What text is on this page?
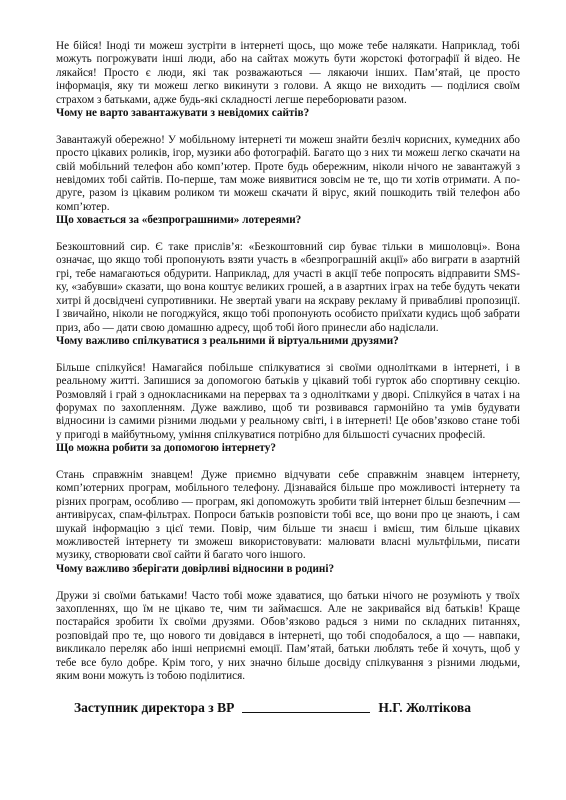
Не бійся! Іноді ти можеш зустріти в інтернеті щось, що може тебе налякати. Наприклад, тобі можуть погрожувати інші люди, або на сайтах можуть бути жорстокі фотографії й відео. Не лякайся! Просто є люди, які так розважаються — лякаючи інших. Пам’ятай, це просто інформація, яку ти можеш легко викинути з голови. А якщо не виходить — поділися своїм страхом з батьками, адже будь-які складності легше переборювати разом.

Чому не варто завантажувати з невідомих сайтів?

Завантажуй обережно! У мобільному інтернеті ти можеш знайти безліч корисних, кумедних або просто цікавих роликів, ігор, музики або фотографій. Багато що з них ти можеш легко скачати на свій мобільний телефон або комп’ютер. Проте будь обережним, ніколи нічого не завантажуй з невідомих тобі сайтів. По-перше, там може виявитися зовсім не те, що ти хотів отримати. А по-друге, разом із цікавим роликом ти можеш скачати й вірус, який пошкодить твій телефон або комп’ютер.

Що ховається за «безпрограшними» лотереями?

Безкоштовний сир. Є таке прислів’я: «Безкоштовний сир буває тільки в мишоловці». Вона означає, що якщо тобі пропонують взяти участь в «безпрограшній акції» або виграти в азартній грі, тебе намагаються обдурити. Наприклад, для участі в акції тебе попросять відправити SMS-ку, «забувши» сказати, що вона коштує великих грошей, а в азартних іграх на тебе будуть чекати хитрі й досвідчені супротивники. Не звертай уваги на яскраву рекламу й привабливі пропозиції. І звичайно, ніколи не погоджуйся, якщо тобі пропонують особисто приїхати кудись щоб забрати приз, або — дати свою домашню адресу, щоб тобі його принесли або надіслали.

Чому важливо спілкуватися з реальними й віртуальними друзями?

Більше спілкуйся! Намагайся побільше спілкуватися зі своїми однолітками в інтернеті, і в реальному житті. Запишися за допомогою батьків у цікавий тобі гурток або спортивну секцію. Розмовляй і грай з однокласниками на перервах та з однолітками у дворі. Спілкуйся в чатах і на форумах по захопленням. Дуже важливо, щоб ти розвивався гармонійно та умів будувати відносини із самими різними людьми у реальному світі, і в інтернеті! Це обов’язково стане тобі у пригоді в майбутньому, уміння спілкуватися потрібно для більшості сучасних професій.

Що можна робити за допомогою інтернету?

Стань справжнім знавцем! Дуже приємно відчувати себе справжнім знавцем інтернету, комп’ютерних програм, мобільного телефону. Дізнавайся більше про можливості інтернету та різних програм, особливо — програм, які допоможуть зробити твій інтернет більш безпечним — антивірусах, спам-фільтрах. Попроси батьків розповісти тобі все, що вони про це знають, і сам шукай інформацію з цієї теми. Повір, чим більше ти знаєш і вмієш, тим більше цікавих можливостей інтернету ти зможеш використовувати: малювати власні мультфільми, писати музику, створювати свої сайти й багато чого іншого.

Чому важливо зберігати довірливі відносини в родині?

Дружи зі своїми батьками! Часто тобі може здаватися, що батьки нічого не розуміють у твоїх захопленнях, що їм не цікаво те, чим ти займаєшся. Але не закривайся від батьків! Краще постарайся зробити їх своїми друзями. Обов’язково радься з ними по складних питаннях, розповідай про те, що нового ти довідався в інтернеті, що тобі сподобалося, а що — навпаки, викликало переляк або інші неприємні емоції. Пам’ятай, батьки люблять тебе й хочуть, щоб у тебе все було добре. Крім того, у них значно більше досвіду спілкування з різними людьми, яким вони можуть із тобою поділитися.

Заступник директора з ВР	Н.Г. Жолтікова
